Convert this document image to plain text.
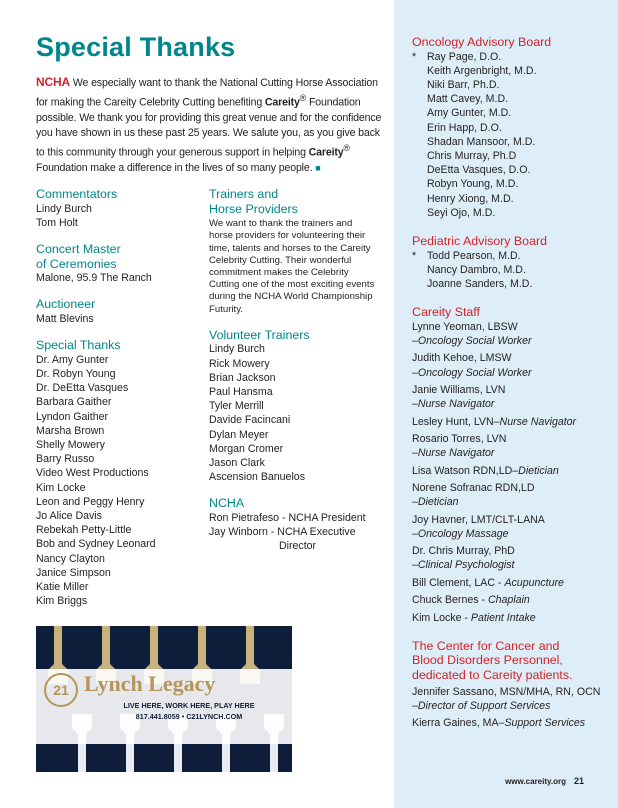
Special Thanks

NCHA We especially want to thank the National Cutting Horse Association for making the Careity Celebrity Cutting benefiting Careity® Foundation possible. We thank you for providing this great venue and for the confidence you have shown in us these past 25 years. We salute you, as you give back to this community through your generous support in helping Careity® Foundation make a difference in the lives of so many people. ■

Commentators
Lindy Burch
Tom Holt
Concert Master
of Ceremonies
Malone, 95.9 The Ranch
Auctioneer
Matt Blevins
Special Thanks
Dr. Amy Gunter
Dr. Robyn Young
Dr. DeEtta Vasques
Barbara Gaither
Lyndon Gaither
Marsha Brown
Shelly Mowery
Barry Russo
Video West Productions
Kim Locke
Leon and Peggy Henry
Jo Alice Davis
Rebekah Petty-Little
Bob and Sydney Leonard
Nancy Clayton
Janice Simpson
Katie Miller
Kim Briggs
Trainers and
Horse Providers
We want to thank the trainers and
horse providers for volunteering their
time, talents and horses to the Careity
Celebrity Cutting. Their wonderful
commitment makes the Celebrity
Cutting one of the most exciting events
during the NCHA World Championship
Futurity.
Volunteer Trainers
Lindy Burch
Rick Mowery
Brian Jackson
Paul Hansma
Tyler Merrill
Davide Facincani
Dylan Meyer
Morgan Cromer
Jason Clark
Ascension Banuelos
NCHA
Ron Pietrafeso - NCHA President
Jay Winborn - NCHA Executive
Director
Oncology Advisory Board
* Ray Page, D.O.
Keith Argenbright, M.D.
Niki Barr, Ph.D.
Matt Cavey, M.D.
Amy Gunter, M.D.
Erin Happ, D.O.
Shadan Mansoor, M.D.
Chris Murray, Ph.D
DeEtta Vasques, D.O.
Robyn Young, M.D.
Henry Xiong, M.D.
Seyi Ojo, M.D.
Pediatric Advisory Board
* Todd Pearson, M.D.
Nancy Dambro, M.D.
Joanne Sanders, M.D.
Careity Staff
Lynne Yeoman, LBSW
–Oncology Social Worker
Judith Kehoe, LMSW
–Oncology Social Worker
Janie Williams, LVN
–Nurse Navigator
Lesley Hunt, LVN–Nurse Navigator
Rosario Torres, LVN
–Nurse Navigator
Lisa Watson RDN,LD–Dietician
Norene Sofranac RDN,LD
–Dietician
Joy Havner, LMT/CLT-LANA
–Oncology Massage
Dr. Chris Murray, PhD
–Clinical Psychologist
Bill Clement, LAC - Acupuncture
Chuck Bernes - Chaplain
Kim Locke - Patient Intake
The Center for Cancer and
Blood Disorders Personnel,
dedicated to Careity patients.
Jennifer Sassano, MSN/MHA, RN, OCN
–Director of Support Services
Kierra Gaines, MA–Support Services
21 Lynch Legacy
LIVE HERE, WORK HERE, PLAY HERE
817.441.8059 • C21LYNCH.COM
www.careity.org 21
